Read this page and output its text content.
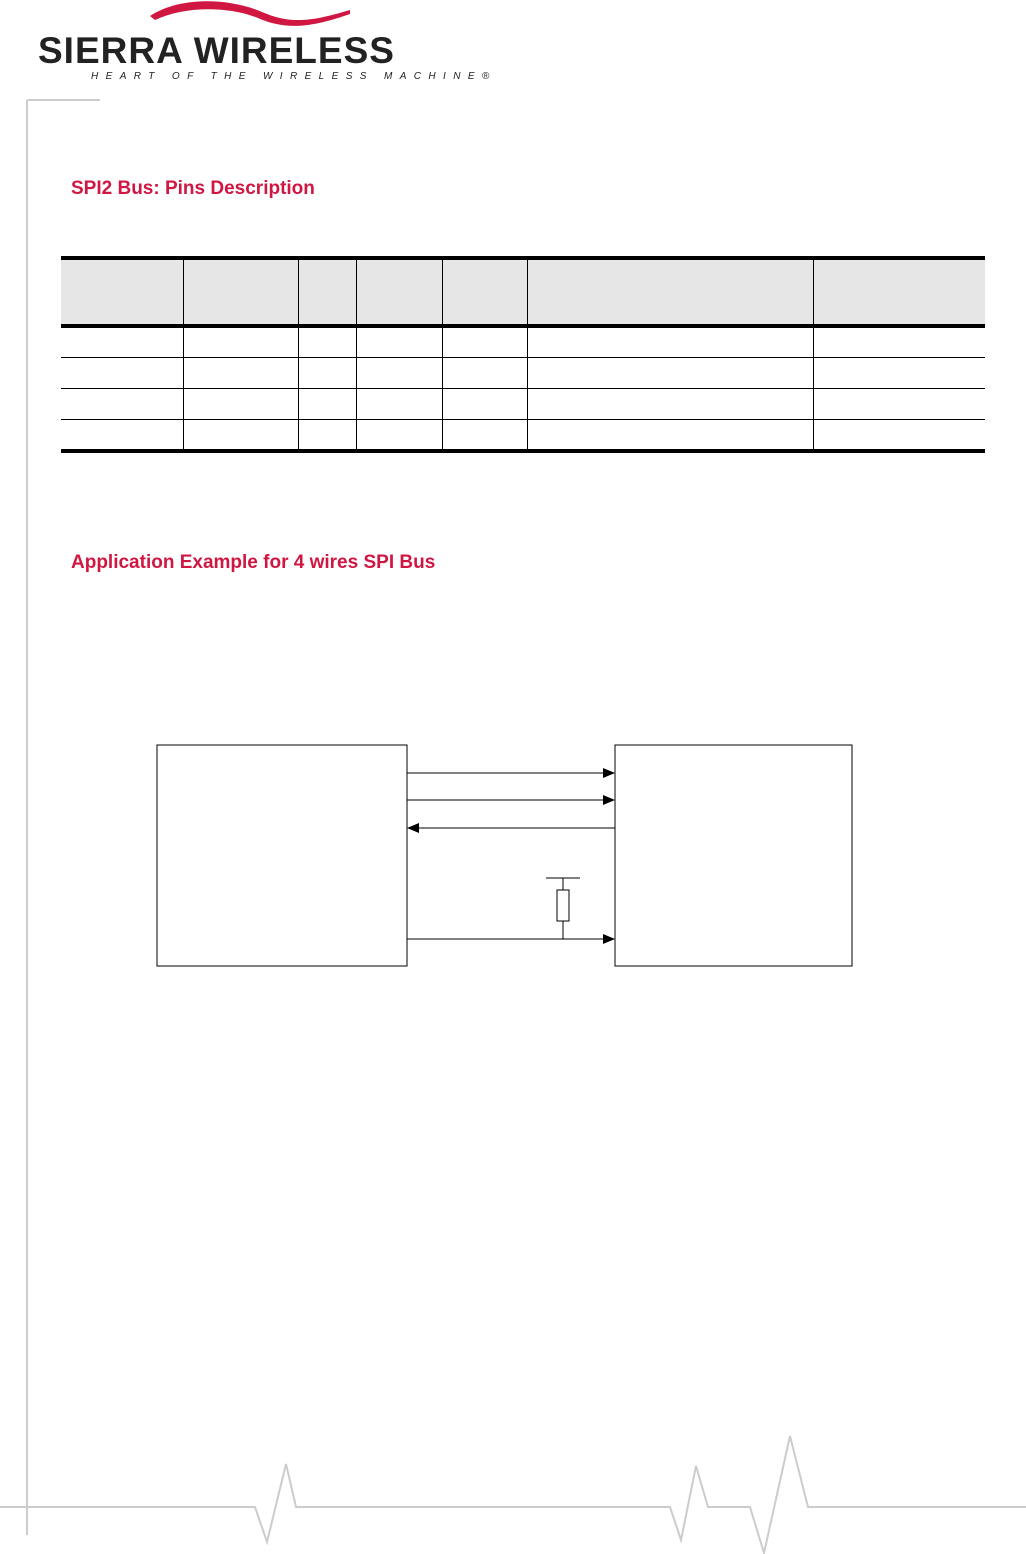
SIERRA WIRELESS
HEART OF THE WIRELESS MACHINE®
SPI2 Bus: Pins Description

Application Example for 4 wires SPI Bus
